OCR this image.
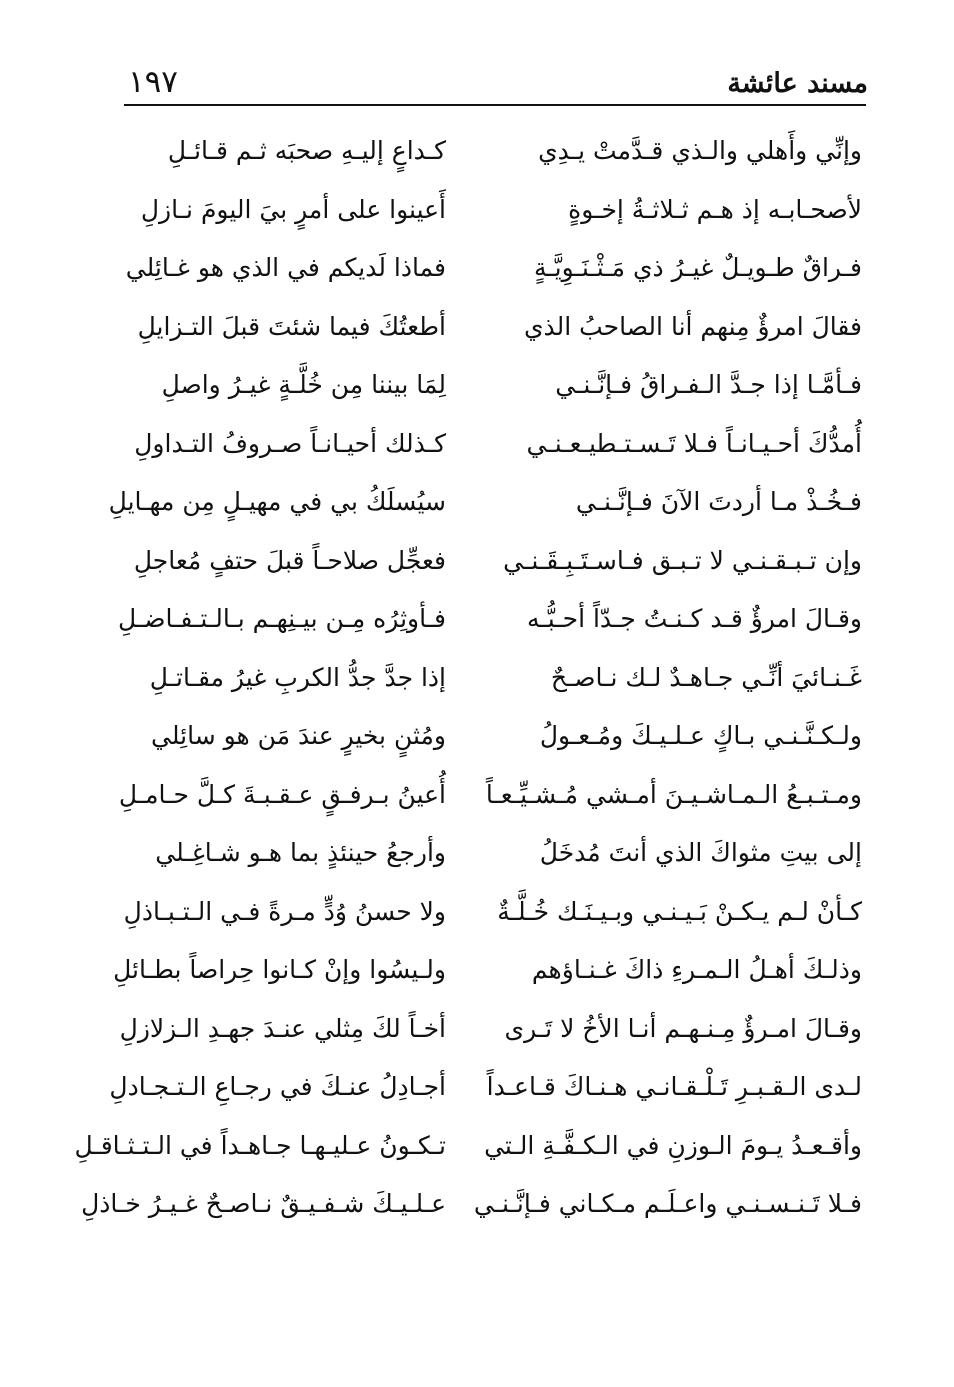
مسند عائشة
١٩٧
وإنِّي وأَهلي والـذي قـدَّمتْ يـدِي
كـداعٍ إليـهِ صحبَه ثـم قـائـلِ
لأصحـابـه إذ هـم ثـلاثـةُ إخـوةٍ
أَعينوا على أمرٍ بيَ اليومَ نـازلِ
فـراقٌ طـويـلٌ غيـرُ ذي مَـثْـنَـوِيَّـةٍ
فماذا لَديكم في الذي هو غـائِلي
فقالَ امرؤٌ مِنهم أنا الصاحبُ الذي
أطعتُكَ فيما شئتَ قبلَ التـزايلِ
فـأمَّـا إذا جـدَّ الـفـراقُ فـإنَّـنـي
لِمَا بيننا مِن خُلَّـةٍ غيـرُ واصلِ
أُمدُّكَ أحـيـانـاً فـلا تَـسـتـطيـعـنـي
كـذلك أحيـانـاً صـروفُ التـداولِ
فـخُـذْ مـا أردتَ الآنَ فـإنَّـنـي
سيُسلَكُ بي في مهيـلٍ مِن مهـايلِ
وإن تـبـقـنـي لا تـبـق فـاسـتَـبِـقَـنـي
فعجِّل صلاحـاً قبلَ حتفٍ مُعاجلِ
وقـالَ امرؤٌ قـد كـنـتُ جـدّاً أحـبُّـه
فـأوثِرُه مِـن بيـنِهـم بـالـتـفـاضـلِ
غَـنـائيَ أنِّـي جـاهـدٌ لـك نـاصـحٌ
إذا جدَّ جدُّ الكربِ غيرُ مقـاتـلِ
ولـكـنَّـنـي بـاكٍ عـلـيـكَ ومُـعـولُ
ومُثنٍ بخيرٍ عندَ مَن هو سائِلي
ومـتـبـعُ الـمـاشـيـنَ أمـشي مُـشـيِّـعـاً
أُعينُ بـرفـقٍ عـقـبـةَ كـلَّ حـامـلِ
إلى بيتِ مثواكَ الذي أنتَ مُدخَلُ
وأرجعُ حينئذٍ بما هـو شـاغِـلي
كـأنْ لـم يـكـنْ بَـيـنـي وبـيـنَـك خُـلَّـةٌ
ولا حسنُ وُدٍّ مـرةً فـي الـتـبـاذلِ
وذلـكَ أهـلُ الـمـرءِ ذاكَ غـنـاؤهم
ولـيسُوا وإنْ كـانوا حِراصاً بطـائلِ
وقـالَ امـرؤٌ مِـنـهـم أنـا الأخُ لا تَـرى
أخـاً لكَ مِثلي عنـدَ جهـدِ الـزلازلِ
لـدى الـقـبـرِ تَـلْـقـانـي هـنـاكَ قـاعـداً
أجـادِلُ عنـكَ في رجـاعِ الـتـجـادلِ
وأقـعـدُ يـومَ الـوزنِ في الـكـفَّـةِ الـتي
تـكـونُ عـليـهـا جـاهـداً في الـتـثـاقـلِ
فـلا تَـنـسـنـي واعـلَـم مـكـاني فـإنَّـنـي
عـلـيـكَ شـفـيـقٌ نـاصـحٌ غـيـرُ خـاذلِ
